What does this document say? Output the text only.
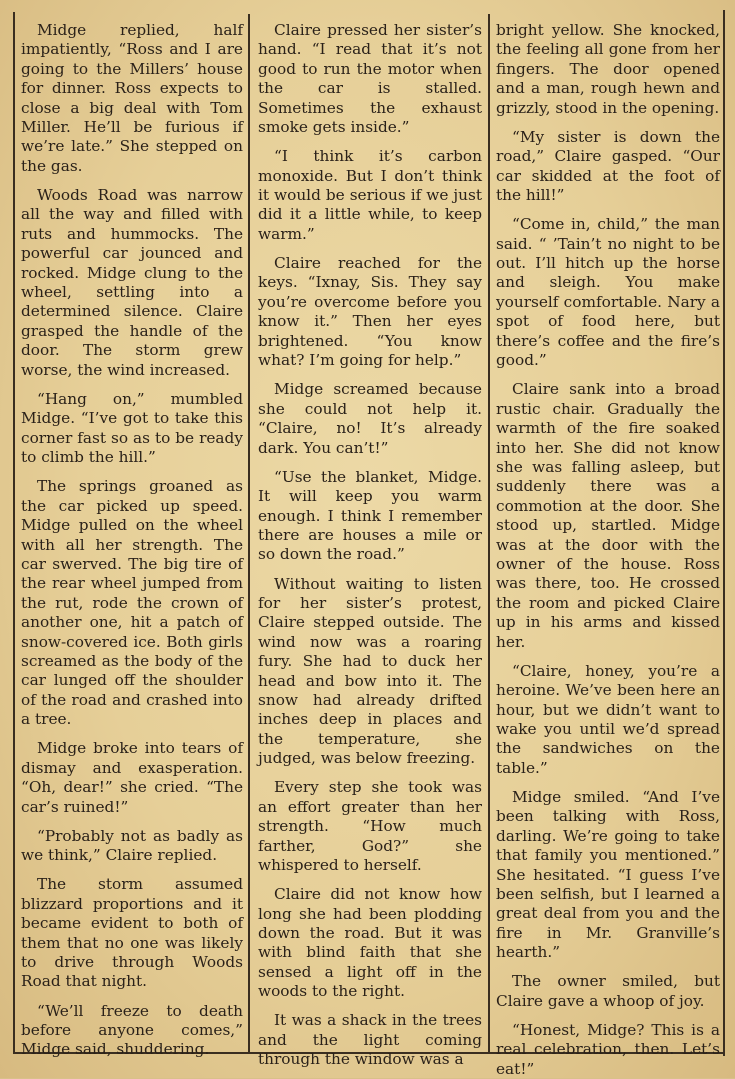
Midge replied, half impatiently, “Ross and I are going to the Millers’ house for dinner. Ross expects to close a big deal with Tom Miller. He’ll be furious if we’re late.” She stepped on the gas.

Woods Road was narrow all the way and filled with ruts and hummocks. The powerful car jounced and rocked. Midge clung to the wheel, settling into a determined silence. Claire grasped the handle of the door. The storm grew worse, the wind increased.

“Hang on,” mumbled Midge. “I’ve got to take this corner fast so as to be ready to climb the hill.”

The springs groaned as the car picked up speed. Midge pulled on the wheel with all her strength. The car swerved. The big tire of the rear wheel jumped from the rut, rode the crown of another one, hit a patch of snow-covered ice. Both girls screamed as the body of the car lunged off the shoulder of the road and crashed into a tree.

Midge broke into tears of dismay and exasperation. “Oh, dear!” she cried. “The car’s ruined!”

“Probably not as badly as we think,” Claire replied.

The storm assumed blizzard proportions and it became evident to both of them that no one was likely to drive through Woods Road that night.

“We’ll freeze to death before anyone comes,” Midge said, shuddering.

Claire pressed her sister’s hand. “I read that it’s not good to run the motor when the car is stalled. Sometimes the exhaust smoke gets inside.”

“I think it’s carbon monoxide. But I don’t think it would be serious if we just did it a little while, to keep warm.”

Claire reached for the keys. “Ixnay, Sis. They say you’re overcome before you know it.” Then her eyes brightened. “You know what? I’m going for help.”

Midge screamed because she could not help it. “Claire, no! It’s already dark. You can’t!”

“Use the blanket, Midge. It will keep you warm enough. I think I remember there are houses a mile or so down the road.”

Without waiting to listen for her sister’s protest, Claire stepped outside. The wind now was a roaring fury. She had to duck her head and bow into it. The snow had already drifted inches deep in places and the temperature, she judged, was below freezing.

Every step she took was an effort greater than her strength. “How much farther, God?” she whispered to herself.

Claire did not know how long she had been plodding down the road. But it was with blind faith that she sensed a light off in the woods to the right.

It was a shack in the trees and the light coming through the window was a

bright yellow. She knocked, the feeling all gone from her fingers. The door opened and a man, rough hewn and grizzly, stood in the opening.

“My sister is down the road,” Claire gasped. “Our car skidded at the foot of the hill!”

“Come in, child,” the man said. “ ’Tain’t no night to be out. I’ll hitch up the horse and sleigh. You make yourself comfortable. Nary a spot of food here, but there’s coffee and the fire’s good.”

Claire sank into a broad rustic chair. Gradually the warmth of the fire soaked into her. She did not know she was falling asleep, but suddenly there was a commotion at the door. She stood up, startled. Midge was at the door with the owner of the house. Ross was there, too. He crossed the room and picked Claire up in his arms and kissed her.

“Claire, honey, you’re a heroine. We’ve been here an hour, but we didn’t want to wake you until we’d spread the sandwiches on the table.”

Midge smiled. “And I’ve been talking with Ross, darling. We’re going to take that family you mentioned.” She hesitated. “I guess I’ve been selfish, but I learned a great deal from you and the fire in Mr. Granville’s hearth.”

The owner smiled, but Claire gave a whoop of joy.

“Honest, Midge? This is a real celebration, then. Let’s eat!”
